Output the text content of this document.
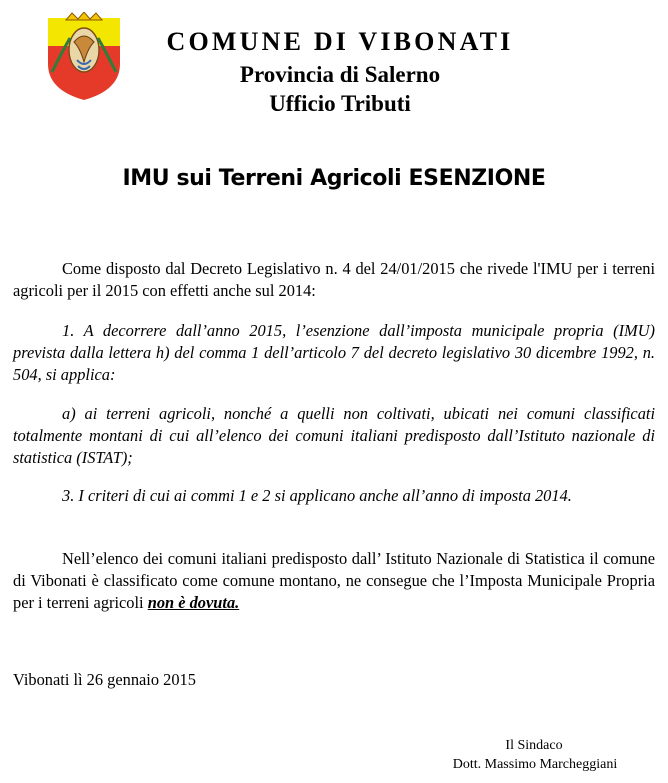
COMUNE DI VIBONATI
Provincia di Salerno
Ufficio Tributi
IMU sui Terreni Agricoli ESENZIONE

Come disposto dal Decreto Legislativo n. 4 del 24/01/2015 che rivede l'IMU per i terreni agricoli per il 2015 con effetti anche sul 2014:

1. A decorrere dall’anno 2015, l’esenzione dall’imposta municipale propria (IMU) prevista dalla lettera h) del comma 1 dell’articolo 7 del decreto legislativo 30 dicembre 1992, n. 504, si applica:

a) ai terreni agricoli, nonché a quelli non coltivati, ubicati nei comuni classificati totalmente montani di cui all’elenco dei comuni italiani predisposto dall’Istituto nazionale di statistica (ISTAT);

3. I criteri di cui ai commi 1 e 2 si applicano anche all’anno di imposta 2014.

Nell’elenco dei comuni italiani predisposto dall’ Istituto Nazionale di Statistica il comune di Vibonati è classificato come comune montano, ne consegue che l’Imposta Municipale Propria per i terreni agricoli non è dovuta.

Vibonati lì 26 gennaio 2015
Il Sindaco
Dott. Massimo Marcheggiani
